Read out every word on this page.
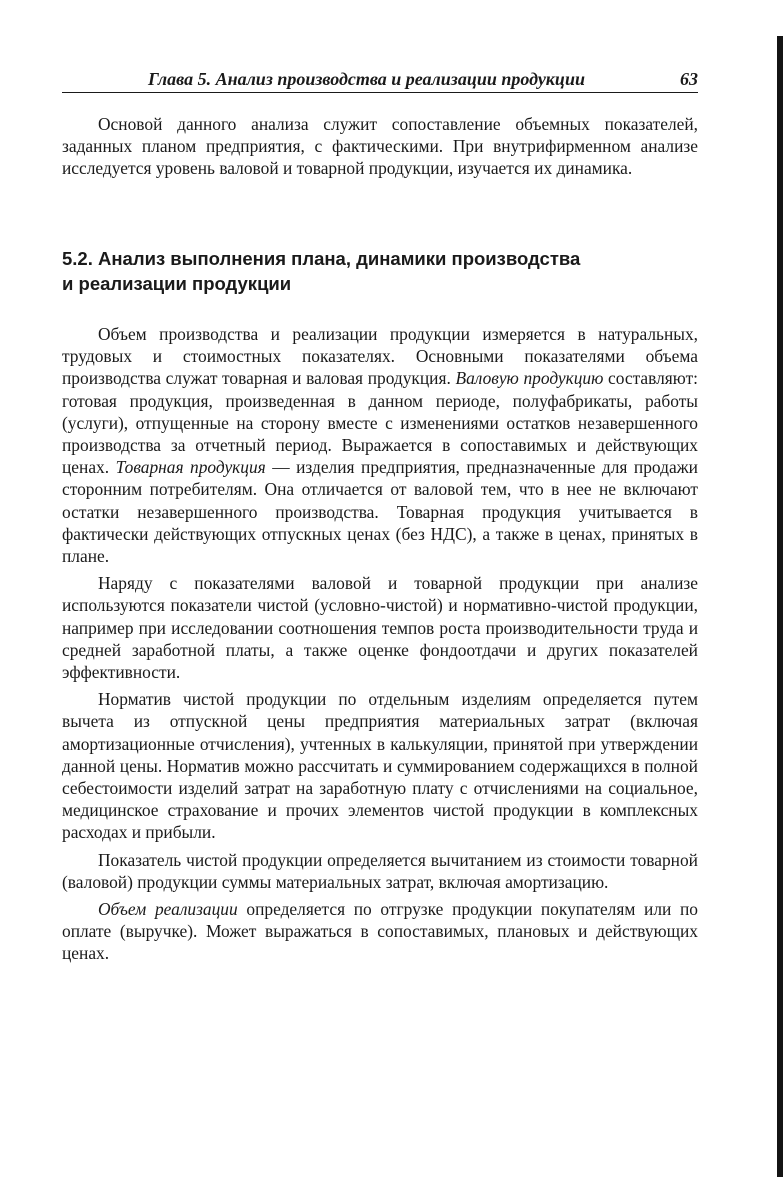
Глава 5. Анализ производства и реализации продукции	63

Основой данного анализа служит сопоставление объемных показателей, заданных планом предприятия, с фактическими. При внутрифирменном анализе исследуется уровень валовой и товарной продукции, изучается их динамика.

5.2. Анализ выполнения плана, динамики производства
и реализации продукции

Объем производства и реализации продукции измеряется в натуральных, трудовых и стоимостных показателях. Основными показателями объема производства служат товарная и валовая продукция. Валовую продукцию составляют: готовая продукция, произведенная в данном периоде, полуфабрикаты, работы (услуги), отпущенные на сторону вместе с изменениями остатков незавершенного производства за отчетный период. Выражается в сопоставимых и действующих ценах. Товарная продукция — изделия предприятия, предназначенные для продажи сторонним потребителям. Она отличается от валовой тем, что в нее не включают остатки незавершенного производства. Товарная продукция учитывается в фактически действующих отпускных ценах (без НДС), а также в ценах, принятых в плане.

Наряду с показателями валовой и товарной продукции при анализе используются показатели чистой (условно-чистой) и нормативно-чистой продукции, например при исследовании соотношения темпов роста производительности труда и средней заработной платы, а также оценке фондоотдачи и других показателей эффективности.

Норматив чистой продукции по отдельным изделиям определяется путем вычета из отпускной цены предприятия материальных затрат (включая амортизационные отчисления), учтенных в калькуляции, принятой при утверждении данной цены. Норматив можно рассчитать и суммированием содержащихся в полной себестоимости изделий затрат на заработную плату с отчислениями на социальное, медицинское страхование и прочих элементов чистой продукции в комплексных расходах и прибыли.

Показатель чистой продукции определяется вычитанием из стоимости товарной (валовой) продукции суммы материальных затрат, включая амортизацию.

Объем реализации определяется по отгрузке продукции покупателям или по оплате (выручке). Может выражаться в сопоставимых, плановых и действующих ценах.
